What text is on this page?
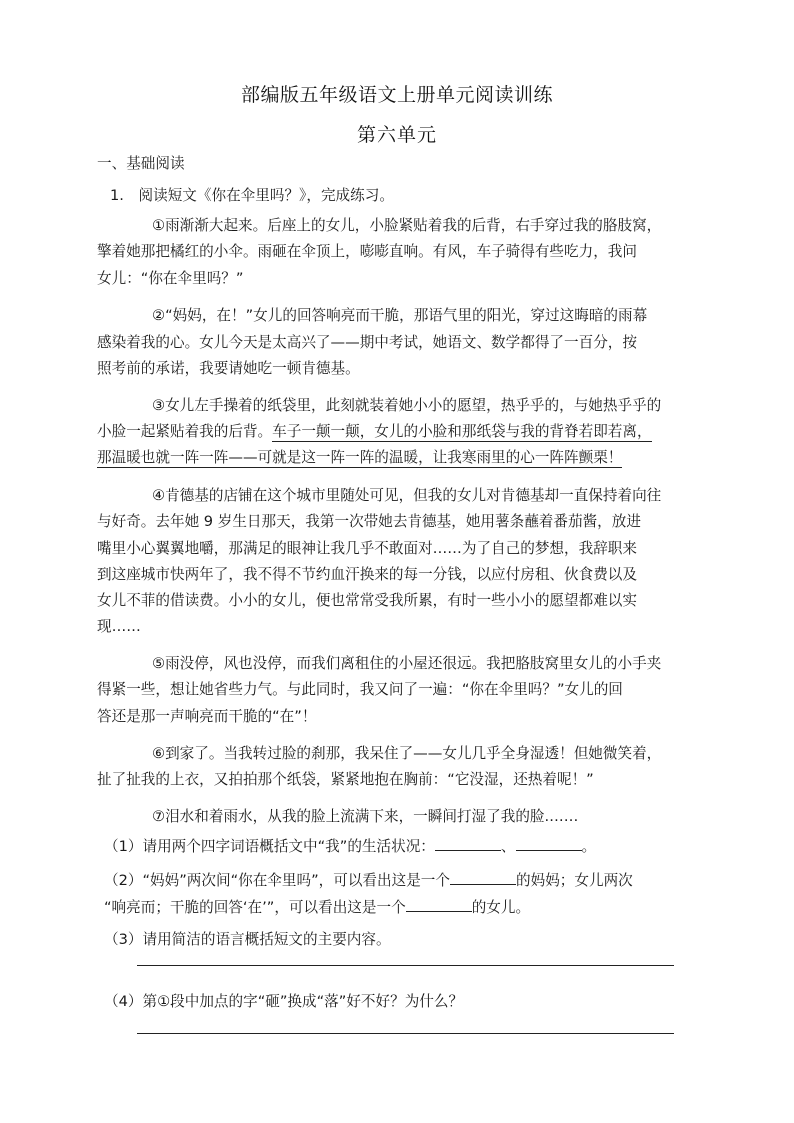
部编版五年级语文上册单元阅读训练
第六单元
一、基础阅读
1.　阅读短文《你在伞里吗？》，完成练习。
①雨渐渐大起来。后座上的女儿，小脸紧贴着我的后背，右手穿过我的胳肢窝，
擎着她那把橘红的小伞。雨砸在伞顶上，嘭嘭直响。有风，车子骑得有些吃力，我问
女儿：“你在伞里吗？”
②“妈妈，在！”女儿的回答响亮而干脆，那语气里的阳光，穿过这晦暗的雨幕
感染着我的心。女儿今天是太高兴了——期中考试，她语文、数学都得了一百分，按
照考前的承诺，我要请她吃一顿肯德基。
③女儿左手操着的纸袋里，此刻就装着她小小的愿望，热乎乎的，与她热乎乎的
小脸一起紧贴着我的后背。车子一颠一颠，女儿的小脸和那纸袋与我的背脊若即若离，
那温暖也就一阵一阵——可就是这一阵一阵的温暖，让我寒雨里的心一阵阵颤栗！
④肯德基的店铺在这个城市里随处可见，但我的女儿对肯德基却一直保持着向往
与好奇。去年她 9 岁生日那天，我第一次带她去肯德基，她用薯条蘸着番茄酱，放进
嘴里小心翼翼地嚼，那满足的眼神让我几乎不敢面对……为了自己的梦想，我辞职来
到这座城市快两年了，我不得不节约血汗换来的每一分钱，以应付房租、伙食费以及
女儿不菲的借读费。小小的女儿，便也常常受我所累，有时一些小小的愿望都难以实
现……
⑤雨没停，风也没停，而我们离租住的小屋还很远。我把胳肢窝里女儿的小手夹
得紧一些，想让她省些力气。与此同时，我又问了一遍：“你在伞里吗？”女儿的回
答还是那一声响亮而干脆的“在”！
⑥到家了。当我转过脸的刹那，我呆住了——女儿几乎全身湿透！但她微笑着，
扯了扯我的上衣，又拍拍那个纸袋，紧紧地抱在胸前：“它没湿，还热着呢！”
⑦泪水和着雨水，从我的脸上流满下来，一瞬间打湿了我的脸.……
（1）请用两个四字词语概括文中“我”的生活状况：	、	。
（2）“妈妈”两次间“你在伞里吗”，可以看出这是一个	的妈妈；女儿两次
“响亮而；干脆的回答‘在’”，可以看出这是一个	的女儿。
（3）请用简洁的语言概括短文的主要内容。
（4）第①段中加点的字“砸”换成“落”好不好？为什么？
